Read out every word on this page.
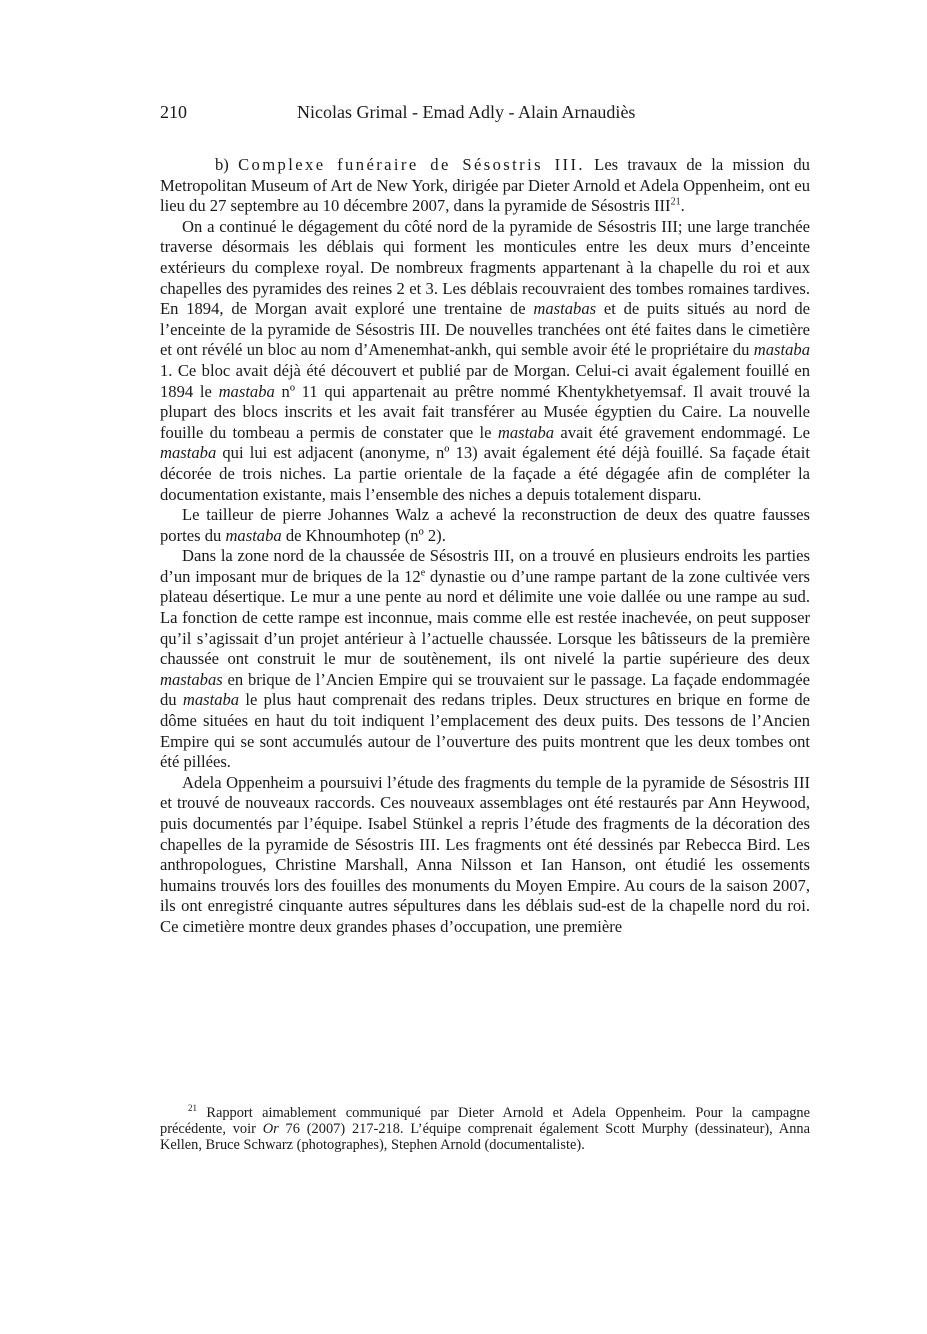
210	Nicolas Grimal - Emad Adly - Alain Arnaudiès

b) Complexe funéraire de Sésostris III. Les travaux de la mission du Metropolitan Museum of Art de New York, dirigée par Dieter Arnold et Adela Oppenheim, ont eu lieu du 27 septembre au 10 décembre 2007, dans la pyramide de Sésostris III$^{21}$.

On a continué le dégagement du côté nord de la pyramide de Sésostris III; une large tranchée traverse désormais les déblais qui forment les monticules entre les deux murs d’enceinte extérieurs du complexe royal. De nombreux fragments appartenant à la chapelle du roi et aux chapelles des pyramides des reines 2 et 3. Les déblais recouvraient des tombes romaines tardives. En 1894, de Morgan avait exploré une trentaine de mastabas et de puits situés au nord de l’enceinte de la pyramide de Sésostris III. De nouvelles tranchées ont été faites dans le cimetière et ont révélé un bloc au nom d’Amenemhat-ankh, qui semble avoir été le propriétaire du mastaba 1. Ce bloc avait déjà été découvert et publié par de Morgan. Celui-ci avait également fouillé en 1894 le mastaba nº 11 qui appartenait au prêtre nommé Khentykhetyemsaf. Il avait trouvé la plupart des blocs inscrits et les avait fait transférer au Musée égyptien du Caire. La nouvelle fouille du tombeau a permis de constater que le mastaba avait été gravement endommagé. Le mastaba qui lui est adjacent (anonyme, nº 13) avait également été déjà fouillé. Sa façade était décorée de trois niches. La partie orientale de la façade a été dégagée afin de compléter la documentation existante, mais l’ensemble des niches a depuis totalement disparu.

Le tailleur de pierre Johannes Walz a achevé la reconstruction de deux des quatre fausses portes du mastaba de Khnoumhotep (nº 2).

Dans la zone nord de la chaussée de Sésostris III, on a trouvé en plusieurs endroits les parties d’un imposant mur de briques de la 12e dynastie ou d’une rampe partant de la zone cultivée vers plateau désertique. Le mur a une pente au nord et délimite une voie dallée ou une rampe au sud. La fonction de cette rampe est inconnue, mais comme elle est restée inachevée, on peut supposer qu’il s’agissait d’un projet antérieur à l’actuelle chaussée. Lorsque les bâtisseurs de la première chaussée ont construit le mur de soutènement, ils ont nivelé la partie supérieure des deux mastabas en brique de l’Ancien Empire qui se trouvaient sur le passage. La façade endommagée du mastaba le plus haut comprenait des redans triples. Deux structures en brique en forme de dôme situées en haut du toit indiquent l’emplacement des deux puits. Des tessons de l’Ancien Empire qui se sont accumulés autour de l’ouverture des puits montrent que les deux tombes ont été pillées.

Adela Oppenheim a poursuivi l’étude des fragments du temple de la pyramide de Sésostris III et trouvé de nouveaux raccords. Ces nouveaux assemblages ont été restaurés par Ann Heywood, puis documentés par l’équipe. Isabel Stünkel a repris l’étude des fragments de la décoration des chapelles de la pyramide de Sésostris III. Les fragments ont été dessinés par Rebecca Bird. Les anthropologues, Christine Marshall, Anna Nilsson et Ian Hanson, ont étudié les ossements humains trouvés lors des fouilles des monuments du Moyen Empire. Au cours de la saison 2007, ils ont enregistré cinquante autres sépultures dans les déblais sud-est de la chapelle nord du roi. Ce cimetière montre deux grandes phases d’occupation, une première

$^{21}$ Rapport aimablement communiqué par Dieter Arnold et Adela Oppenheim. Pour la campagne précédente, voir Or 76 (2007) 217-218. L’équipe comprenait également Scott Murphy (dessinateur), Anna Kellen, Bruce Schwarz (photographes), Stephen Arnold (documentaliste).
